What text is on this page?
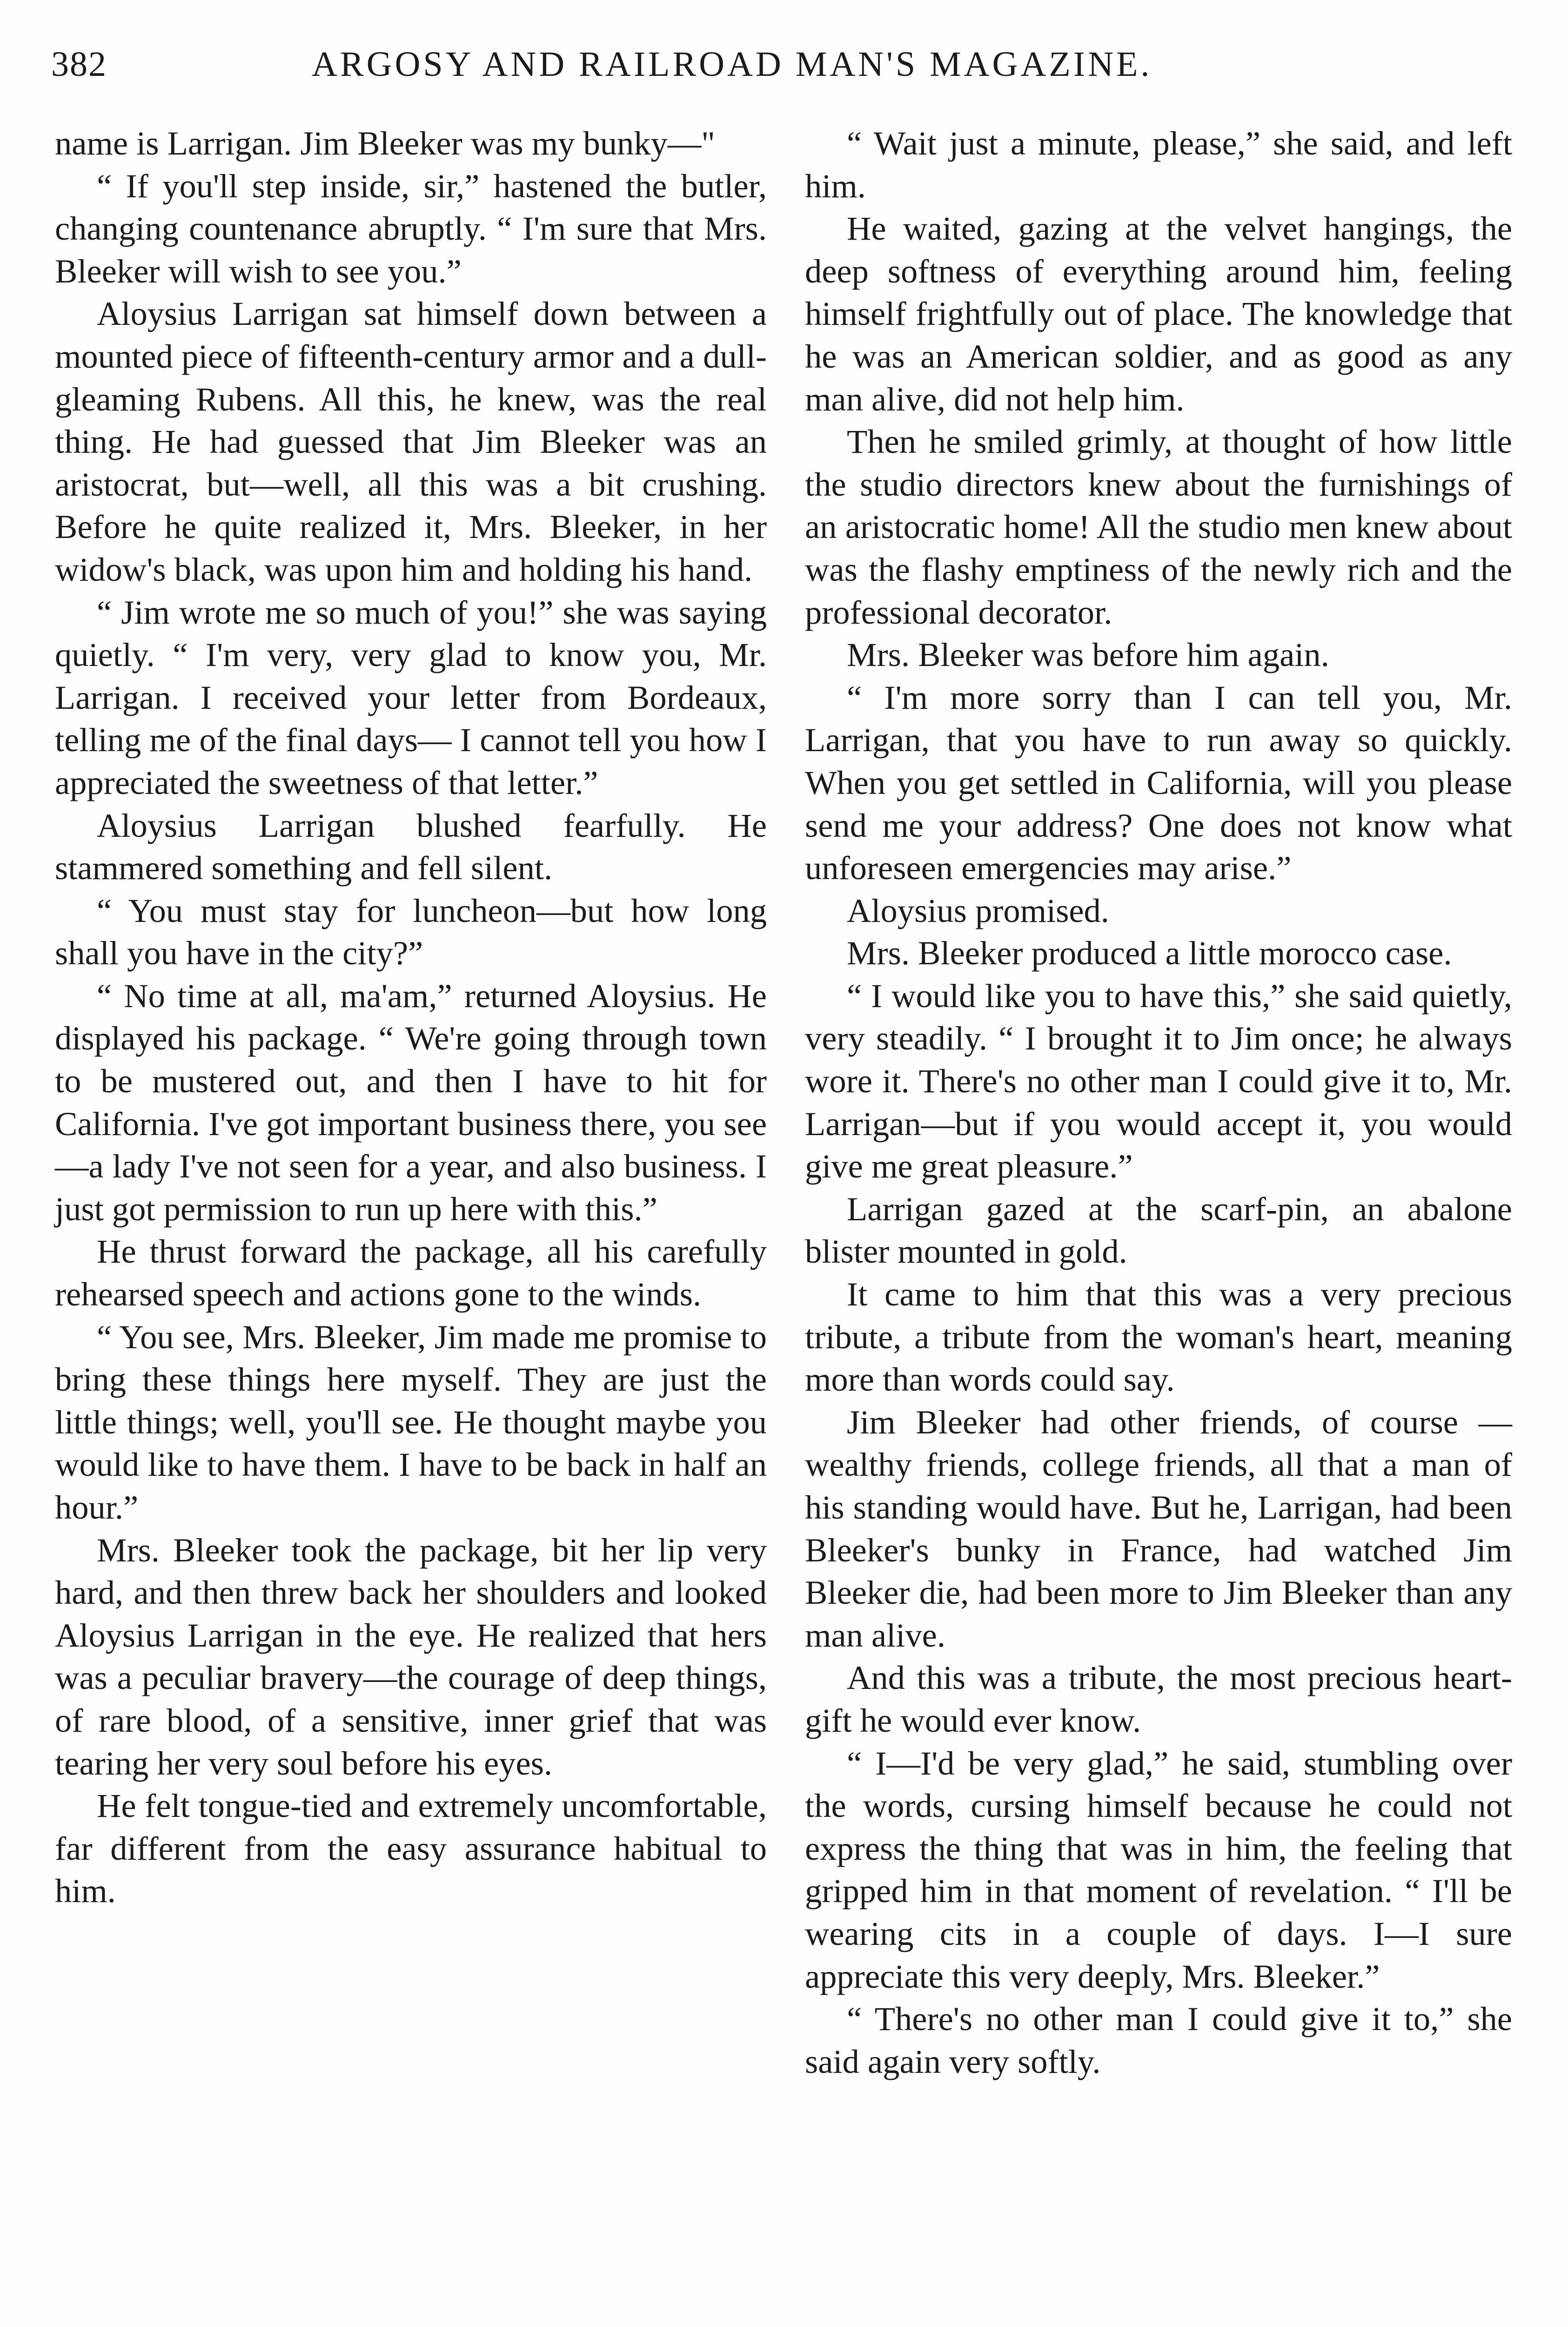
382	ARGOSY AND RAILROAD MAN'S MAGAZINE.

name is Larrigan. Jim Bleeker was my bunky—"

“ If you'll step inside, sir,” hastened the butler, changing countenance abruptly. “ I'm sure that Mrs. Bleeker will wish to see you.”

Aloysius Larrigan sat himself down between a mounted piece of fifteenth-century armor and a dull-gleaming Rubens. All this, he knew, was the real thing. He had guessed that Jim Bleeker was an aristocrat, but—well, all this was a bit crushing. Before he quite realized it, Mrs. Bleeker, in her widow's black, was upon him and holding his hand.

“ Jim wrote me so much of you!” she was saying quietly. “ I'm very, very glad to know you, Mr. Larrigan. I received your letter from Bordeaux, telling me of the final days— I cannot tell you how I appreciated the sweetness of that letter.”

Aloysius Larrigan blushed fearfully. He stammered something and fell silent.

“ You must stay for luncheon—but how long shall you have in the city?”

“ No time at all, ma'am,” returned Aloysius. He displayed his package. “ We're going through town to be mustered out, and then I have to hit for California. I've got important business there, you see—a lady I've not seen for a year, and also business. I just got permission to run up here with this.”

He thrust forward the package, all his carefully rehearsed speech and actions gone to the winds.

“ You see, Mrs. Bleeker, Jim made me promise to bring these things here myself. They are just the little things; well, you'll see. He thought maybe you would like to have them. I have to be back in half an hour.”

Mrs. Bleeker took the package, bit her lip very hard, and then threw back her shoulders and looked Aloysius Larrigan in the eye. He realized that hers was a peculiar bravery—the courage of deep things, of rare blood, of a sensitive, inner grief that was tearing her very soul before his eyes.

He felt tongue-tied and extremely uncomfortable, far different from the easy assurance habitual to him.

“ Wait just a minute, please,” she said, and left him.

He waited, gazing at the velvet hangings, the deep softness of everything around him, feeling himself frightfully out of place. The knowledge that he was an American soldier, and as good as any man alive, did not help him.

Then he smiled grimly, at thought of how little the studio directors knew about the furnishings of an aristocratic home! All the studio men knew about was the flashy emptiness of the newly rich and the professional decorator.

Mrs. Bleeker was before him again.

“ I'm more sorry than I can tell you, Mr. Larrigan, that you have to run away so quickly. When you get settled in California, will you please send me your address? One does not know what unforeseen emergencies may arise.”

Aloysius promised.

Mrs. Bleeker produced a little morocco case.

“ I would like you to have this,” she said quietly, very steadily. “ I brought it to Jim once; he always wore it. There's no other man I could give it to, Mr. Larrigan—but if you would accept it, you would give me great pleasure.”

Larrigan gazed at the scarf-pin, an abalone blister mounted in gold.

It came to him that this was a very precious tribute, a tribute from the woman's heart, meaning more than words could say.

Jim Bleeker had other friends, of course —wealthy friends, college friends, all that a man of his standing would have. But he, Larrigan, had been Bleeker's bunky in France, had watched Jim Bleeker die, had been more to Jim Bleeker than any man alive.

And this was a tribute, the most precious heart-gift he would ever know.

“ I—I'd be very glad,” he said, stumbling over the words, cursing himself because he could not express the thing that was in him, the feeling that gripped him in that moment of revelation. “ I'll be wearing cits in a couple of days. I—I sure appreciate this very deeply, Mrs. Bleeker.”

“ There's no other man I could give it to,” she said again very softly.
